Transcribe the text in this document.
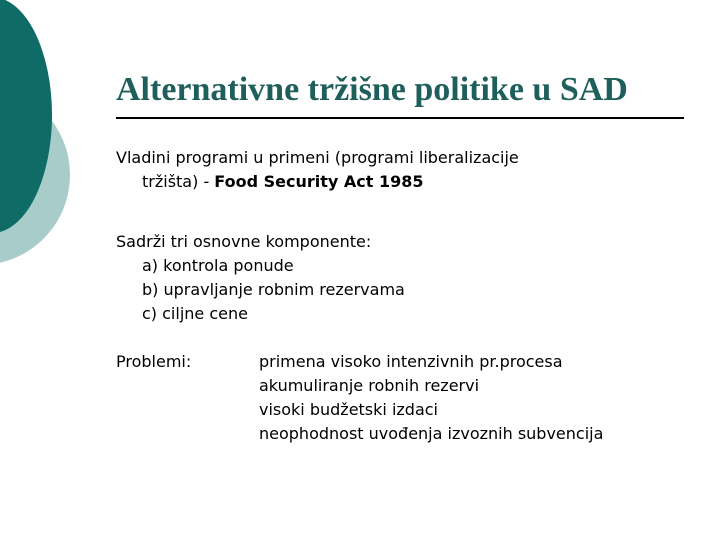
Alternativne tržišne politike u SAD
Vladini programi u primeni (programi liberalizacije
tržišta) - Food Security Act 1985
Sadrži tri osnovne komponente:
a) kontrola ponude
b) upravljanje robnim rezervama
c) ciljne cene
Problemi:	primena visoko intenzivnih pr.procesa
akumuliranje robnih rezervi
visoki budžetski izdaci
neophodnost uvođenja izvoznih subvencija
